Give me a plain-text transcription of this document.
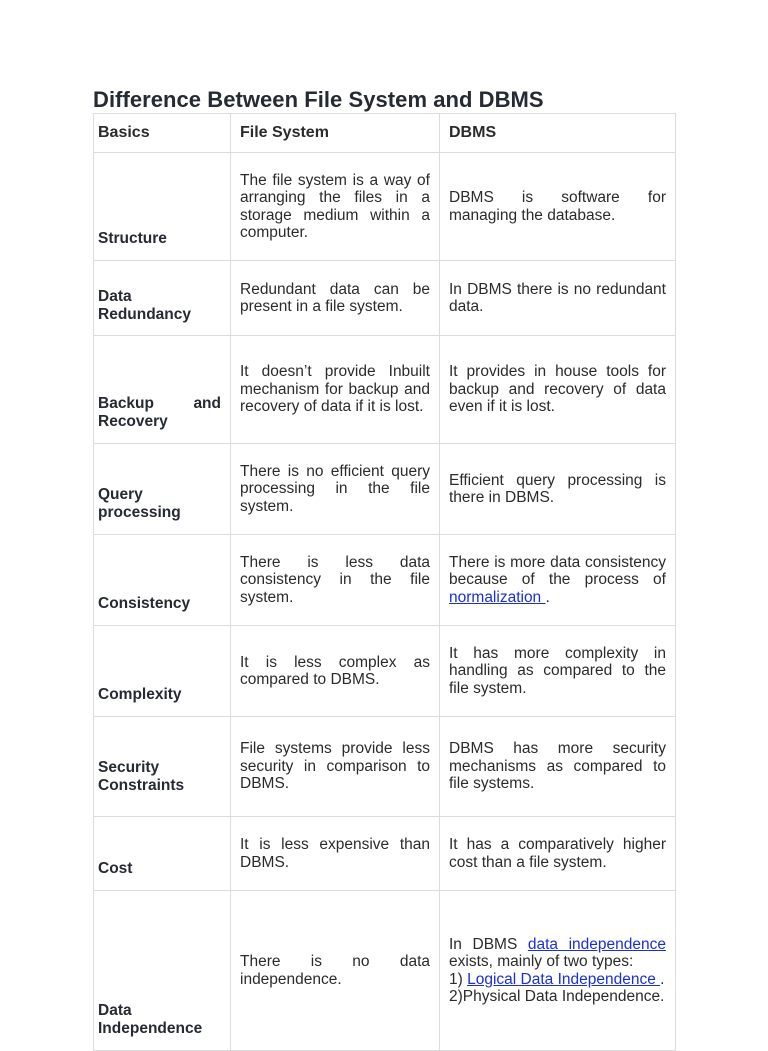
Difference Between File System and DBMS
Basics	File System	DBMS
Structure	The file system is a way of arranging the files in a storage medium within a computer.	DBMS is software for managing the database.
Data Redundancy	Redundant data can be present in a file system.	In DBMS there is no redundant data.
Backup and Recovery	It doesn’t provide Inbuilt mechanism for backup and recovery of data if it is lost.	It provides in house tools for backup and recovery of data even if it is lost.
Query processing	There is no efficient query processing in the file system.	Efficient query processing is there in DBMS.
Consistency	There is less data consistency in the file system.	There is more data consistency because of the process of normalization .
Complexity	It is less complex as compared to DBMS.	It has more complexity in handling as compared to the file system.
Security Constraints	File systems provide less security in comparison to DBMS.	DBMS has more security mechanisms as compared to file systems.
Cost	It is less expensive than DBMS.	It has a comparatively higher cost than a file system.
Data Independence	There is no data independence.	In DBMS data independence exists, mainly of two types:
1) Logical Data Independence .
2)Physical Data Independence.
